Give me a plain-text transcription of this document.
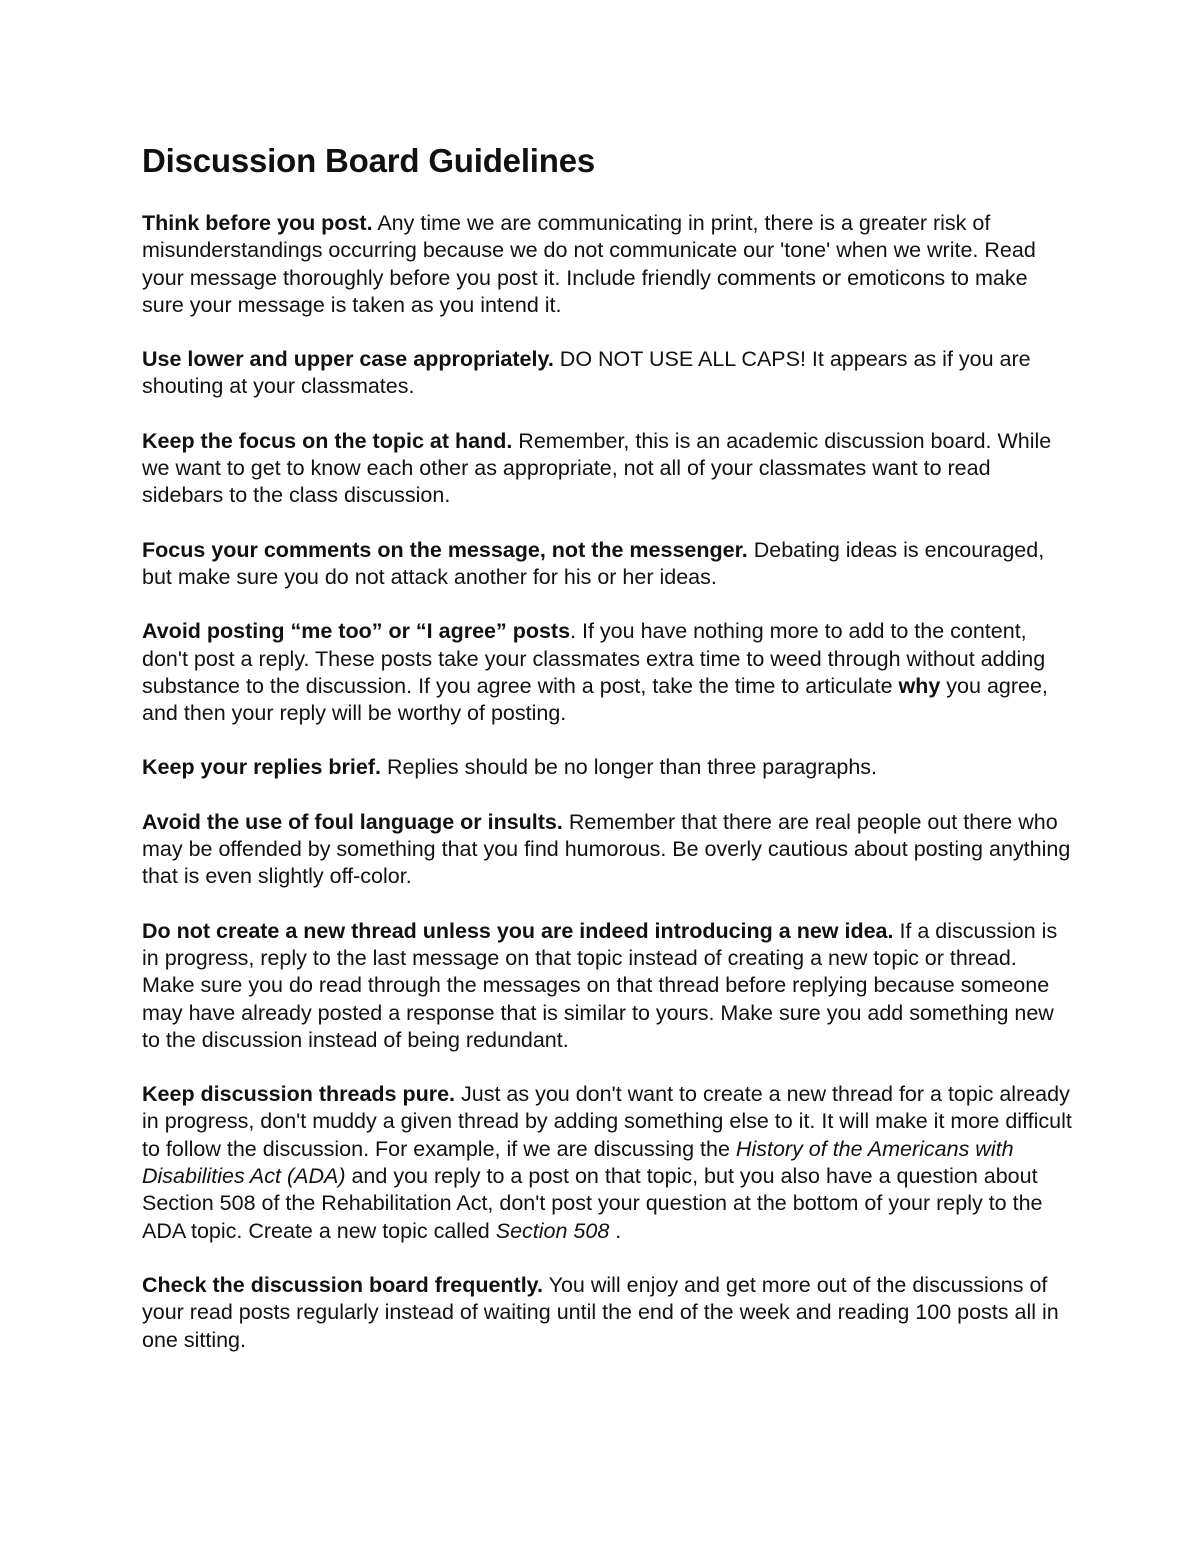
Discussion Board Guidelines

Think before you post. Any time we are communicating in print, there is a greater risk of misunderstandings occurring because we do not communicate our 'tone' when we write. Read your message thoroughly before you post it. Include friendly comments or emoticons to make sure your message is taken as you intend it.

Use lower and upper case appropriately. DO NOT USE ALL CAPS! It appears as if you are shouting at your classmates.

Keep the focus on the topic at hand. Remember, this is an academic discussion board. While we want to get to know each other as appropriate, not all of your classmates want to read sidebars to the class discussion.

Focus your comments on the message, not the messenger. Debating ideas is encouraged, but make sure you do not attack another for his or her ideas.

Avoid posting “me too” or “I agree” posts. If you have nothing more to add to the content, don't post a reply. These posts take your classmates extra time to weed through without adding substance to the discussion. If you agree with a post, take the time to articulate why you agree, and then your reply will be worthy of posting.

Keep your replies brief. Replies should be no longer than three paragraphs.

Avoid the use of foul language or insults. Remember that there are real people out there who may be offended by something that you find humorous. Be overly cautious about posting anything that is even slightly off-color.

Do not create a new thread unless you are indeed introducing a new idea. If a discussion is in progress, reply to the last message on that topic instead of creating a new topic or thread. Make sure you do read through the messages on that thread before replying because someone may have already posted a response that is similar to yours. Make sure you add something new to the discussion instead of being redundant.

Keep discussion threads pure. Just as you don't want to create a new thread for a topic already in progress, don't muddy a given thread by adding something else to it. It will make it more difficult to follow the discussion. For example, if we are discussing the History of the Americans with Disabilities Act (ADA) and you reply to a post on that topic, but you also have a question about Section 508 of the Rehabilitation Act, don't post your question at the bottom of your reply to the ADA topic. Create a new topic called Section 508 .

Check the discussion board frequently. You will enjoy and get more out of the discussions of your read posts regularly instead of waiting until the end of the week and reading 100 posts all in one sitting.
